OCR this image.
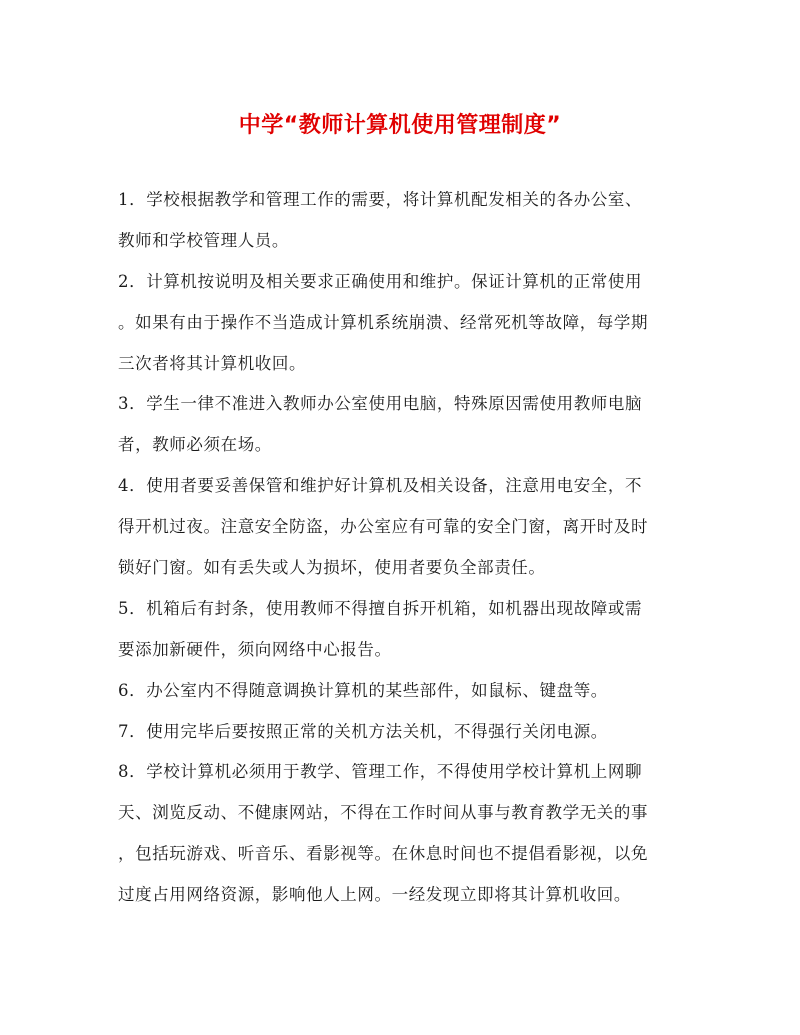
中学“教师计算机使用管理制度”
1．学校根据教学和管理工作的需要，将计算机配发相关的各办公室、
教师和学校管理人员。
2．计算机按说明及相关要求正确使用和维护。保证计算机的正常使用
。如果有由于操作不当造成计算机系统崩溃、经常死机等故障，每学期
三次者将其计算机收回。
3．学生一律不准进入教师办公室使用电脑，特殊原因需使用教师电脑
者，教师必须在场。
4．使用者要妥善保管和维护好计算机及相关设备，注意用电安全，不
得开机过夜。注意安全防盗，办公室应有可靠的安全门窗，离开时及时
锁好门窗。如有丢失或人为损坏，使用者要负全部责任。
5．机箱后有封条，使用教师不得擅自拆开机箱，如机器出现故障或需
要添加新硬件，须向网络中心报告。
6．办公室内不得随意调换计算机的某些部件，如鼠标、键盘等。
7．使用完毕后要按照正常的关机方法关机，不得强行关闭电源。
8．学校计算机必须用于教学、管理工作，不得使用学校计算机上网聊
天、浏览反动、不健康网站，不得在工作时间从事与教育教学无关的事
，包括玩游戏、听音乐、看影视等。在休息时间也不提倡看影视，以免
过度占用网络资源，影响他人上网。一经发现立即将其计算机收回。
